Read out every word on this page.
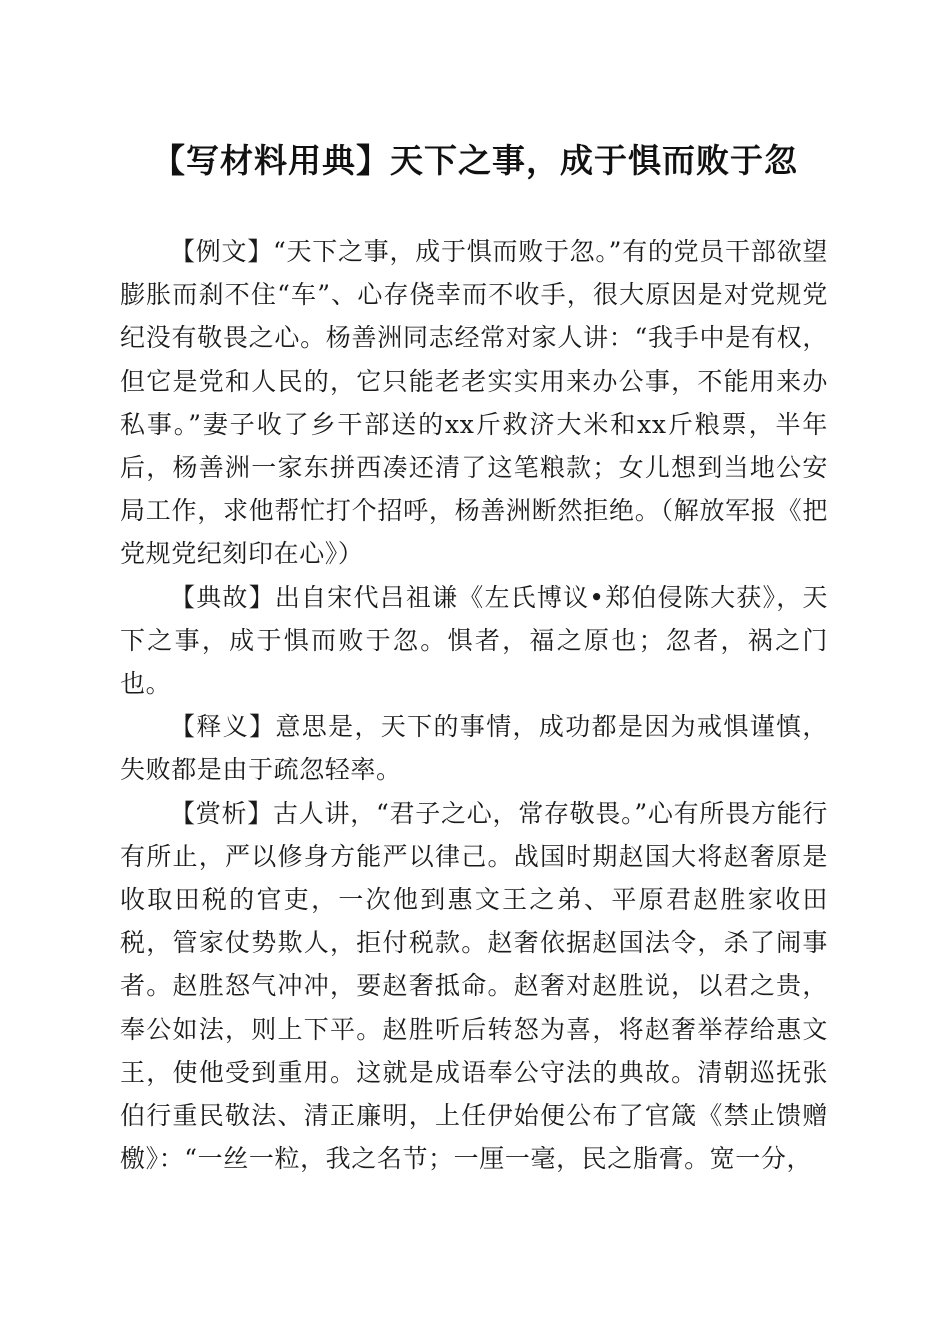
【写材料用典】天下之事，成于惧而败于忽

【例文】“天下之事，成于惧而败于忽。”有的党员干部欲望膨胀而刹不住“车”、心存侥幸而不收手，很大原因是对党规党纪没有敬畏之心。杨善洲同志经常对家人讲：“我手中是有权，但它是党和人民的，它只能老老实实用来办公事，不能用来办私事。”妻子收了乡干部送的xx斤救济大米和xx斤粮票，半年后，杨善洲一家东拼西凑还清了这笔粮款；女儿想到当地公安局工作，求他帮忙打个招呼，杨善洲断然拒绝。（解放军报《把党规党纪刻印在心》）

【典故】出自宋代吕祖谦《左氏博议•郑伯侵陈大获》，天下之事，成于惧而败于忽。惧者，福之原也；忽者，祸之门也。

【释义】意思是，天下的事情，成功都是因为戒惧谨慎，失败都是由于疏忽轻率。

【赏析】古人讲，“君子之心，常存敬畏。”心有所畏方能行有所止，严以修身方能严以律己。战国时期赵国大将赵奢原是收取田税的官吏，一次他到惠文王之弟、平原君赵胜家收田税，管家仗势欺人，拒付税款。赵奢依据赵国法令，杀了闹事者。赵胜怒气冲冲，要赵奢抵命。赵奢对赵胜说，以君之贵，奉公如法，则上下平。赵胜听后转怒为喜，将赵奢举荐给惠文王，使他受到重用。这就是成语奉公守法的典故。清朝巡抚张伯行重民敬法、清正廉明，上任伊始便公布了官箴《禁止馈赠檄》：“一丝一粒，我之名节；一厘一毫，民之脂膏。宽一分，
